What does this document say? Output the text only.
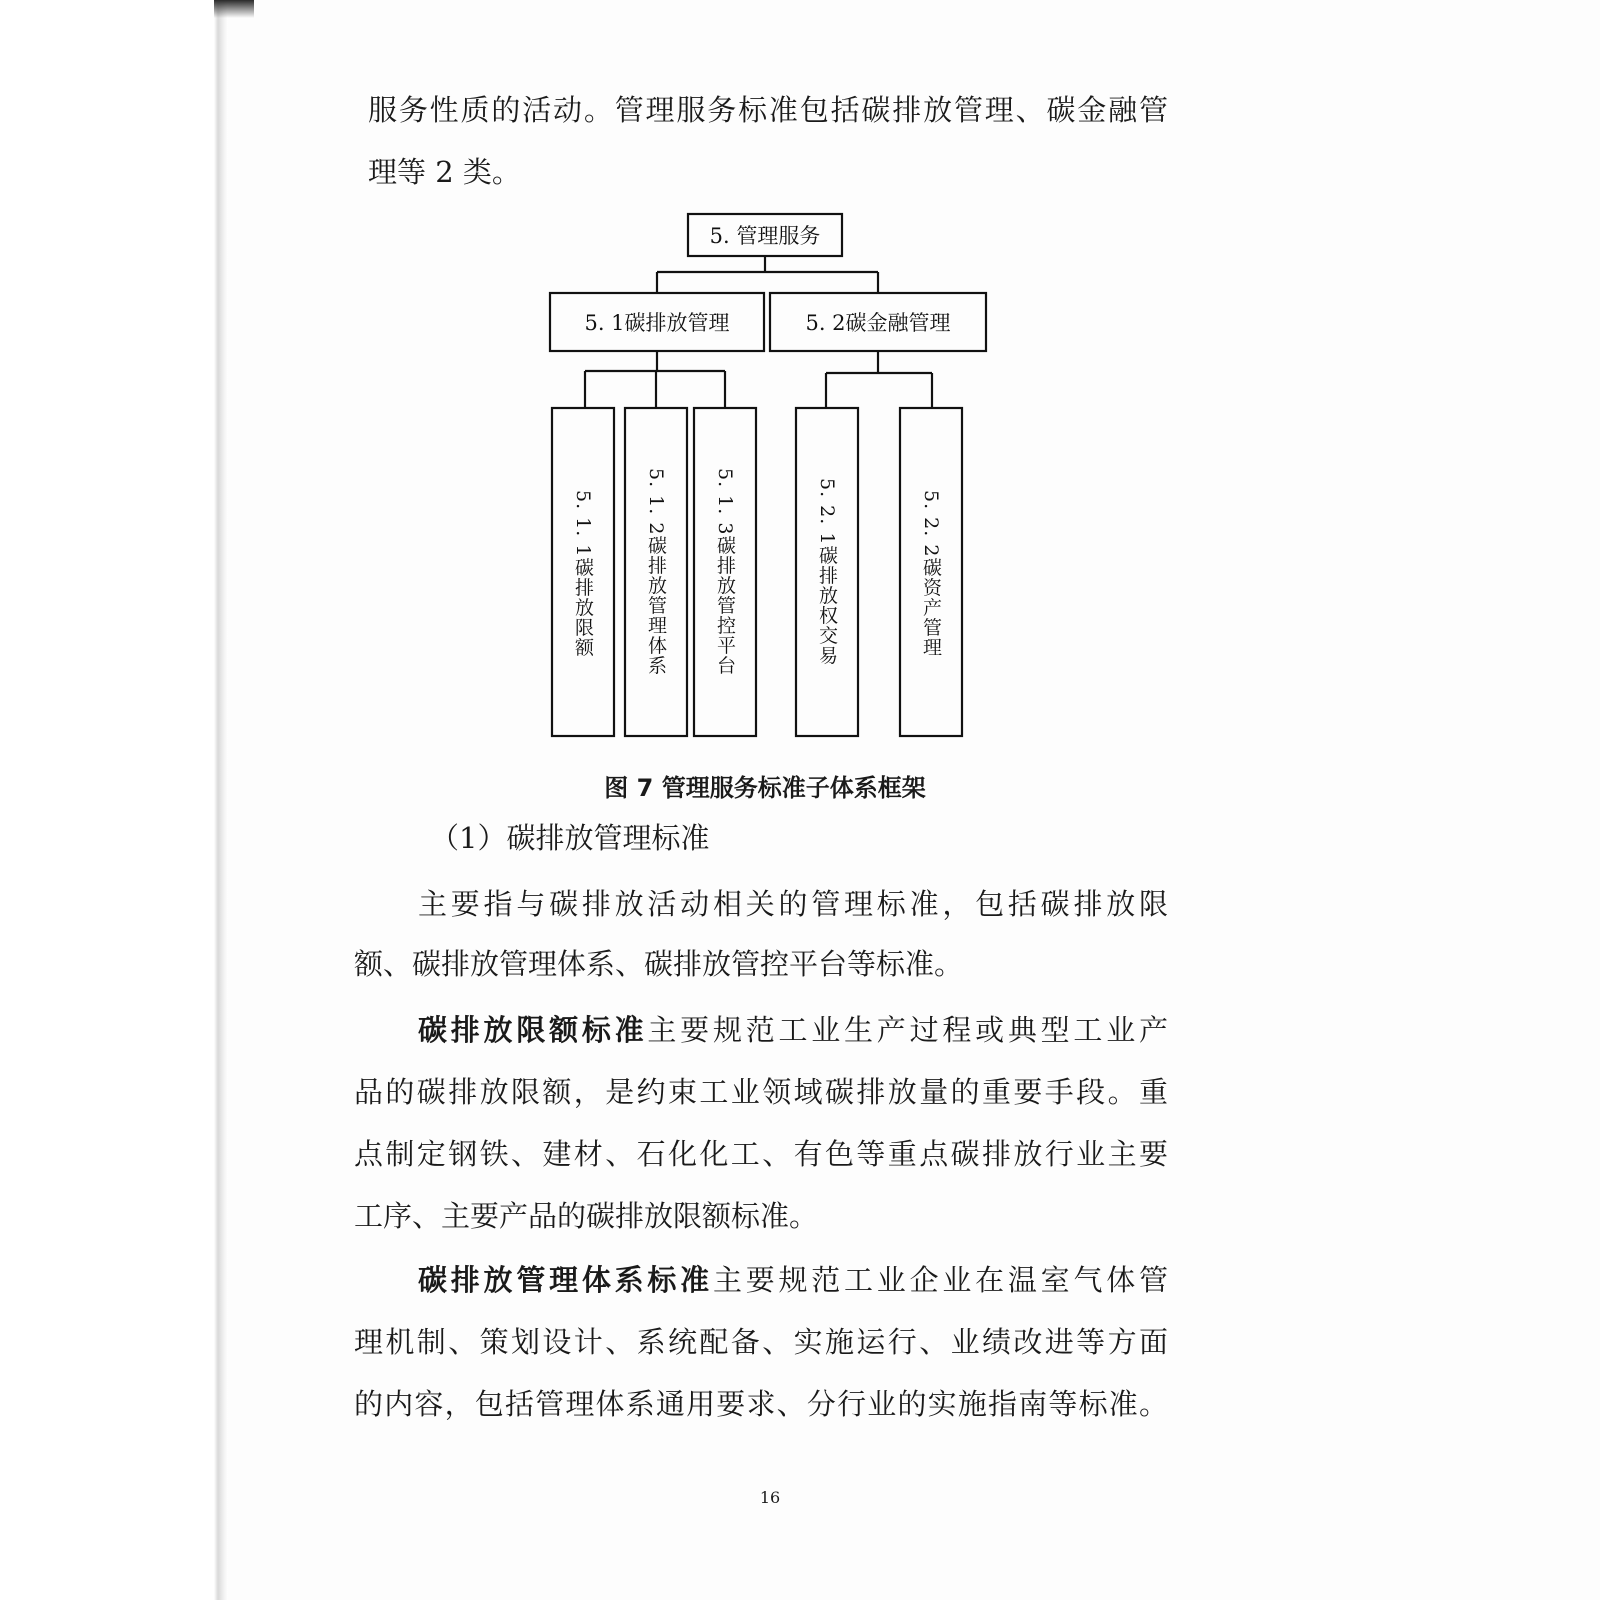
服务性质的活动。管理服务标准包括碳排放管理、碳金融管
理等 2 类。
5. 管理服务
5. 1碳排放管理	5. 2碳金融管理
5. 1. 1碳排放限额	5. 1. 2碳排放管理体系 5. 1. 3碳排放管控平台	5. 2. 1碳排放权交易	5. 2. 2碳资产管理
图 7 管理服务标准子体系框架
（1）碳排放管理标准
主要指与碳排放活动相关的管理标准，包括碳排放限
额、碳排放管理体系、碳排放管控平台等标准。
碳排放限额标准主要规范工业生产过程或典型工业产
品的碳排放限额，是约束工业领域碳排放量的重要手段。重
点制定钢铁、建材、石化化工、有色等重点碳排放行业主要
工序、主要产品的碳排放限额标准。
碳排放管理体系标准主要规范工业企业在温室气体管
理机制、策划设计、系统配备、实施运行、业绩改进等方面
的内容，包括管理体系通用要求、分行业的实施指南等标准。
16
